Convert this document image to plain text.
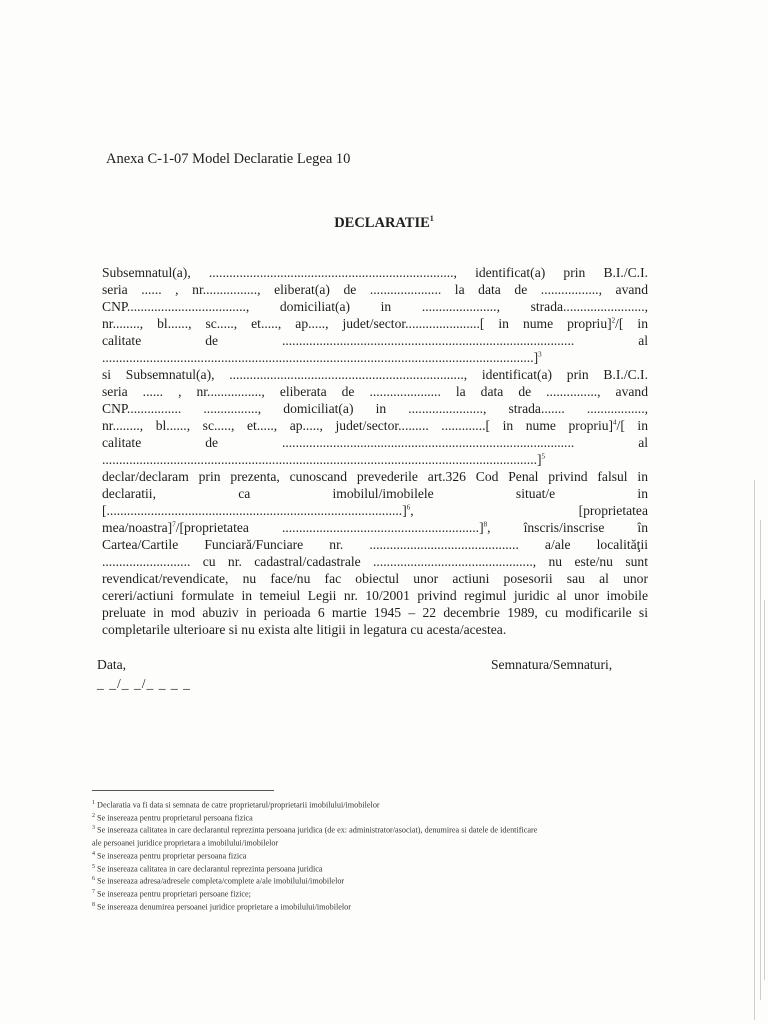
Anexa C-1-07 Model Declaratie Legea 10
DECLARATIE$^1$
Subsemnatul(a), ........................................................................, identificat(a) prin B.I./C.I.
seria ...... , nr................, eliberat(a) de ..................... la data de ................., avand
CNP..................................., domiciliat(a) in ......................, strada........................,
nr........, bl......, sc....., et....., ap....., judet/sector......................[ in nume propriu]$^2$/[ in
calitate de ...................................................................................... al
...............................................................................................................................]$^3$
si Subsemnatul(a), ....................................................................., identificat(a) prin B.I./C.I.
seria ...... , nr................, eliberata de ..................... la data de ..............., avand
CNP................ ................, domiciliat(a) in ......................, strada....... .................,
nr........, bl......, sc....., et....., ap....., judet/sector......... .............[ in nume propriu]$^4$/[ in
calitate de ...................................................................................... al
................................................................................................................................]$^5$
declar/declaram prin prezenta, cunoscand prevederile art.326 Cod Penal privind falsul in
declaratii, ca imobilul/imobilele situat/e in
[.......................................................................................]$^6$, [proprietatea
mea/noastra]$^7$/[proprietatea ..........................................................]$^8$, înscris/inscrise în
Cartea/Cartile Funciară/Funciare nr. ............................................ a/ale localităţii
.......................... cu nr. cadastral/cadastrale ..............................................., nu este/nu sunt
revendicat/revendicate, nu face/nu fac obiectul unor actiuni posesorii sau al unor
cereri/actiuni formulate in temeiul Legii nr. 10/2001 privind regimul juridic al unor imobile
preluate in mod abuziv in perioada 6 martie 1945 – 22 decembrie 1989, cu modificarile si
completarile ulterioare si nu exista alte litigii in legatura cu acesta/acestea.
Data,
_ _/_ _/_ _ _ _
Semnatura/Semnaturi,
$^1$ Declaratia va fi data si semnata de catre proprietarul/proprietarii imobilului/imobilelor
$^2$ Se insereaza pentru proprietarul persoana fizica
$^3$ Se insereaza calitatea in care declarantul reprezinta persoana juridica (de ex: administrator/asociat), denumirea si datele de identificare
ale persoanei juridice proprietara a imobilului/imobilelor
$^4$ Se insereaza pentru proprietar persoana fizica
$^5$ Se insereaza calitatea in care declarantul reprezinta persoana juridica
$^6$ Se insereaza adresa/adresele completa/complete a/ale imobilului/imobilelor
$^7$ Se insereaza pentru proprietari persoane fizice;
$^8$ Se insereaza denumirea persoanei juridice proprietare a imobilului/imobilelor
